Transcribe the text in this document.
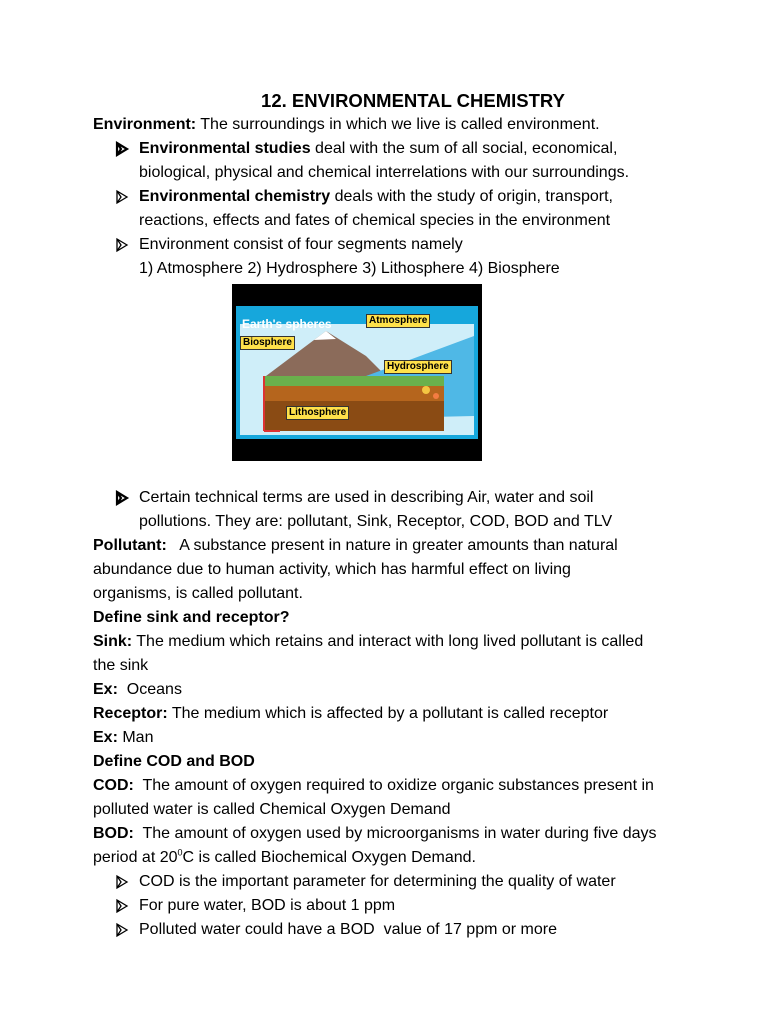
12. ENVIRONMENTAL CHEMISTRY
Environment: The surroundings in which we live is called environment.
Environmental studies deal with the sum of all social, economical,
biological, physical and chemical interrelations with our surroundings.
Environmental chemistry deals with the study of origin, transport,
reactions, effects and fates of chemical species in the environment
Environment consist of four segments namely
1) Atmosphere 2) Hydrosphere 3) Lithosphere 4) Biosphere
Earth's spheres	Atmosphere
Biosphere
Hydrosphere
Lithosphere
Certain technical terms are used in describing Air, water and soil
pollutions. They are: pollutant, Sink, Receptor, COD, BOD and TLV
Pollutant:   A substance present in nature in greater amounts than natural
abundance due to human activity, which has harmful effect on living
organisms, is called pollutant.
Define sink and receptor?
Sink: The medium which retains and interact with long lived pollutant is called
the sink
Ex:  Oceans
Receptor: The medium which is affected by a pollutant is called receptor
Ex: Man
Define COD and BOD
COD:  The amount of oxygen required to oxidize organic substances present in
polluted water is called Chemical Oxygen Demand
BOD:  The amount of oxygen used by microorganisms in water during five days
period at $20^0C$ is called Biochemical Oxygen Demand.
COD is the important parameter for determining the quality of water
For pure water, BOD is about 1 ppm
Polluted water could have a BOD  value of 17 ppm or more
